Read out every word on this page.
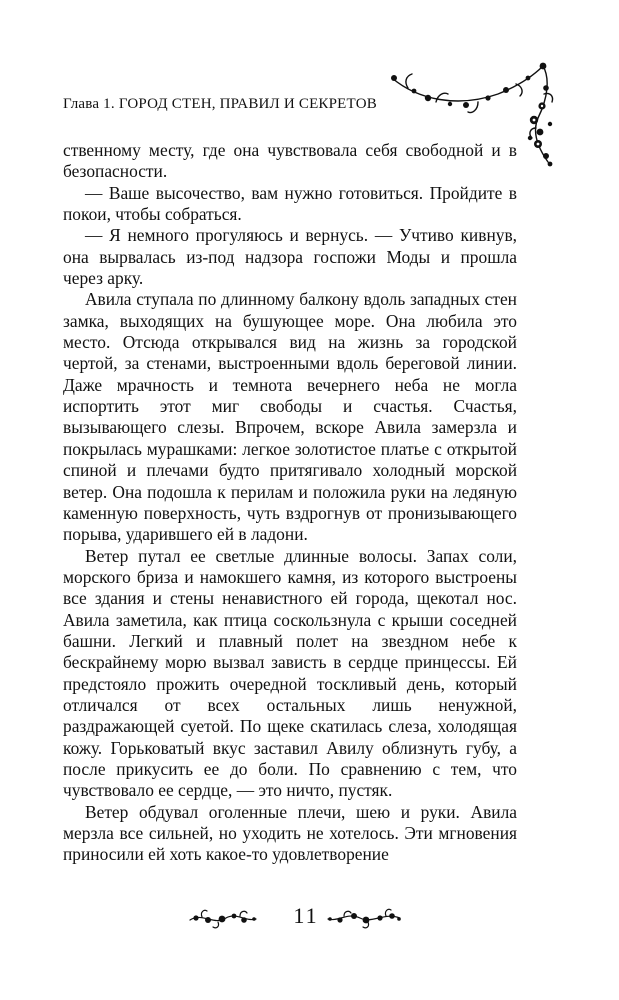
Глава 1. ГОРОД СТЕН, ПРАВИЛ И СЕКРЕТОВ

ственному месту, где она чувствовала себя свободной и в безопасности.

— Ваше высочество, вам нужно готовиться. Пройдите в покои, чтобы собраться.

— Я немного прогуляюсь и вернусь. — Учтиво кивнув, она вырвалась из-под надзора госпожи Моды и прошла через арку.

Авила ступала по длинному балкону вдоль западных стен замка, выходящих на бушующее море. Она любила это место. Отсюда открывался вид на жизнь за городской чертой, за стенами, выстроенными вдоль береговой линии. Даже мрачность и темнота вечернего неба не могла испортить этот миг свободы и счастья. Счастья, вызывающего слезы. Впрочем, вскоре Авила замерзла и покрылась мурашками: легкое золотистое платье с открытой спиной и плечами будто притягивало холодный морской ветер. Она подошла к перилам и положила руки на ледяную каменную поверхность, чуть вздрогнув от пронизывающего порыва, ударившего ей в ладони.

Ветер путал ее светлые длинные волосы. Запах соли, морского бриза и намокшего камня, из которого выстроены все здания и стены ненавистного ей города, щекотал нос. Авила заметила, как птица соскользнула с крыши соседней башни. Легкий и плавный полет на звездном небе к бескрайнему морю вызвал зависть в сердце принцессы. Ей предстояло прожить очередной тоскливый день, который отличался от всех остальных лишь ненужной, раздражающей суетой. По щеке скатилась слеза, холодящая кожу. Горьковатый вкус заставил Авилу облизнуть губу, а после прикусить ее до боли. По сравнению с тем, что чувствовало ее сердце, — это ничто, пустяк.

Ветер обдувал оголенные плечи, шею и руки. Авила мерзла все сильней, но уходить не хотелось. Эти мгновения приносили ей хоть какое-то удовлетворение

11
